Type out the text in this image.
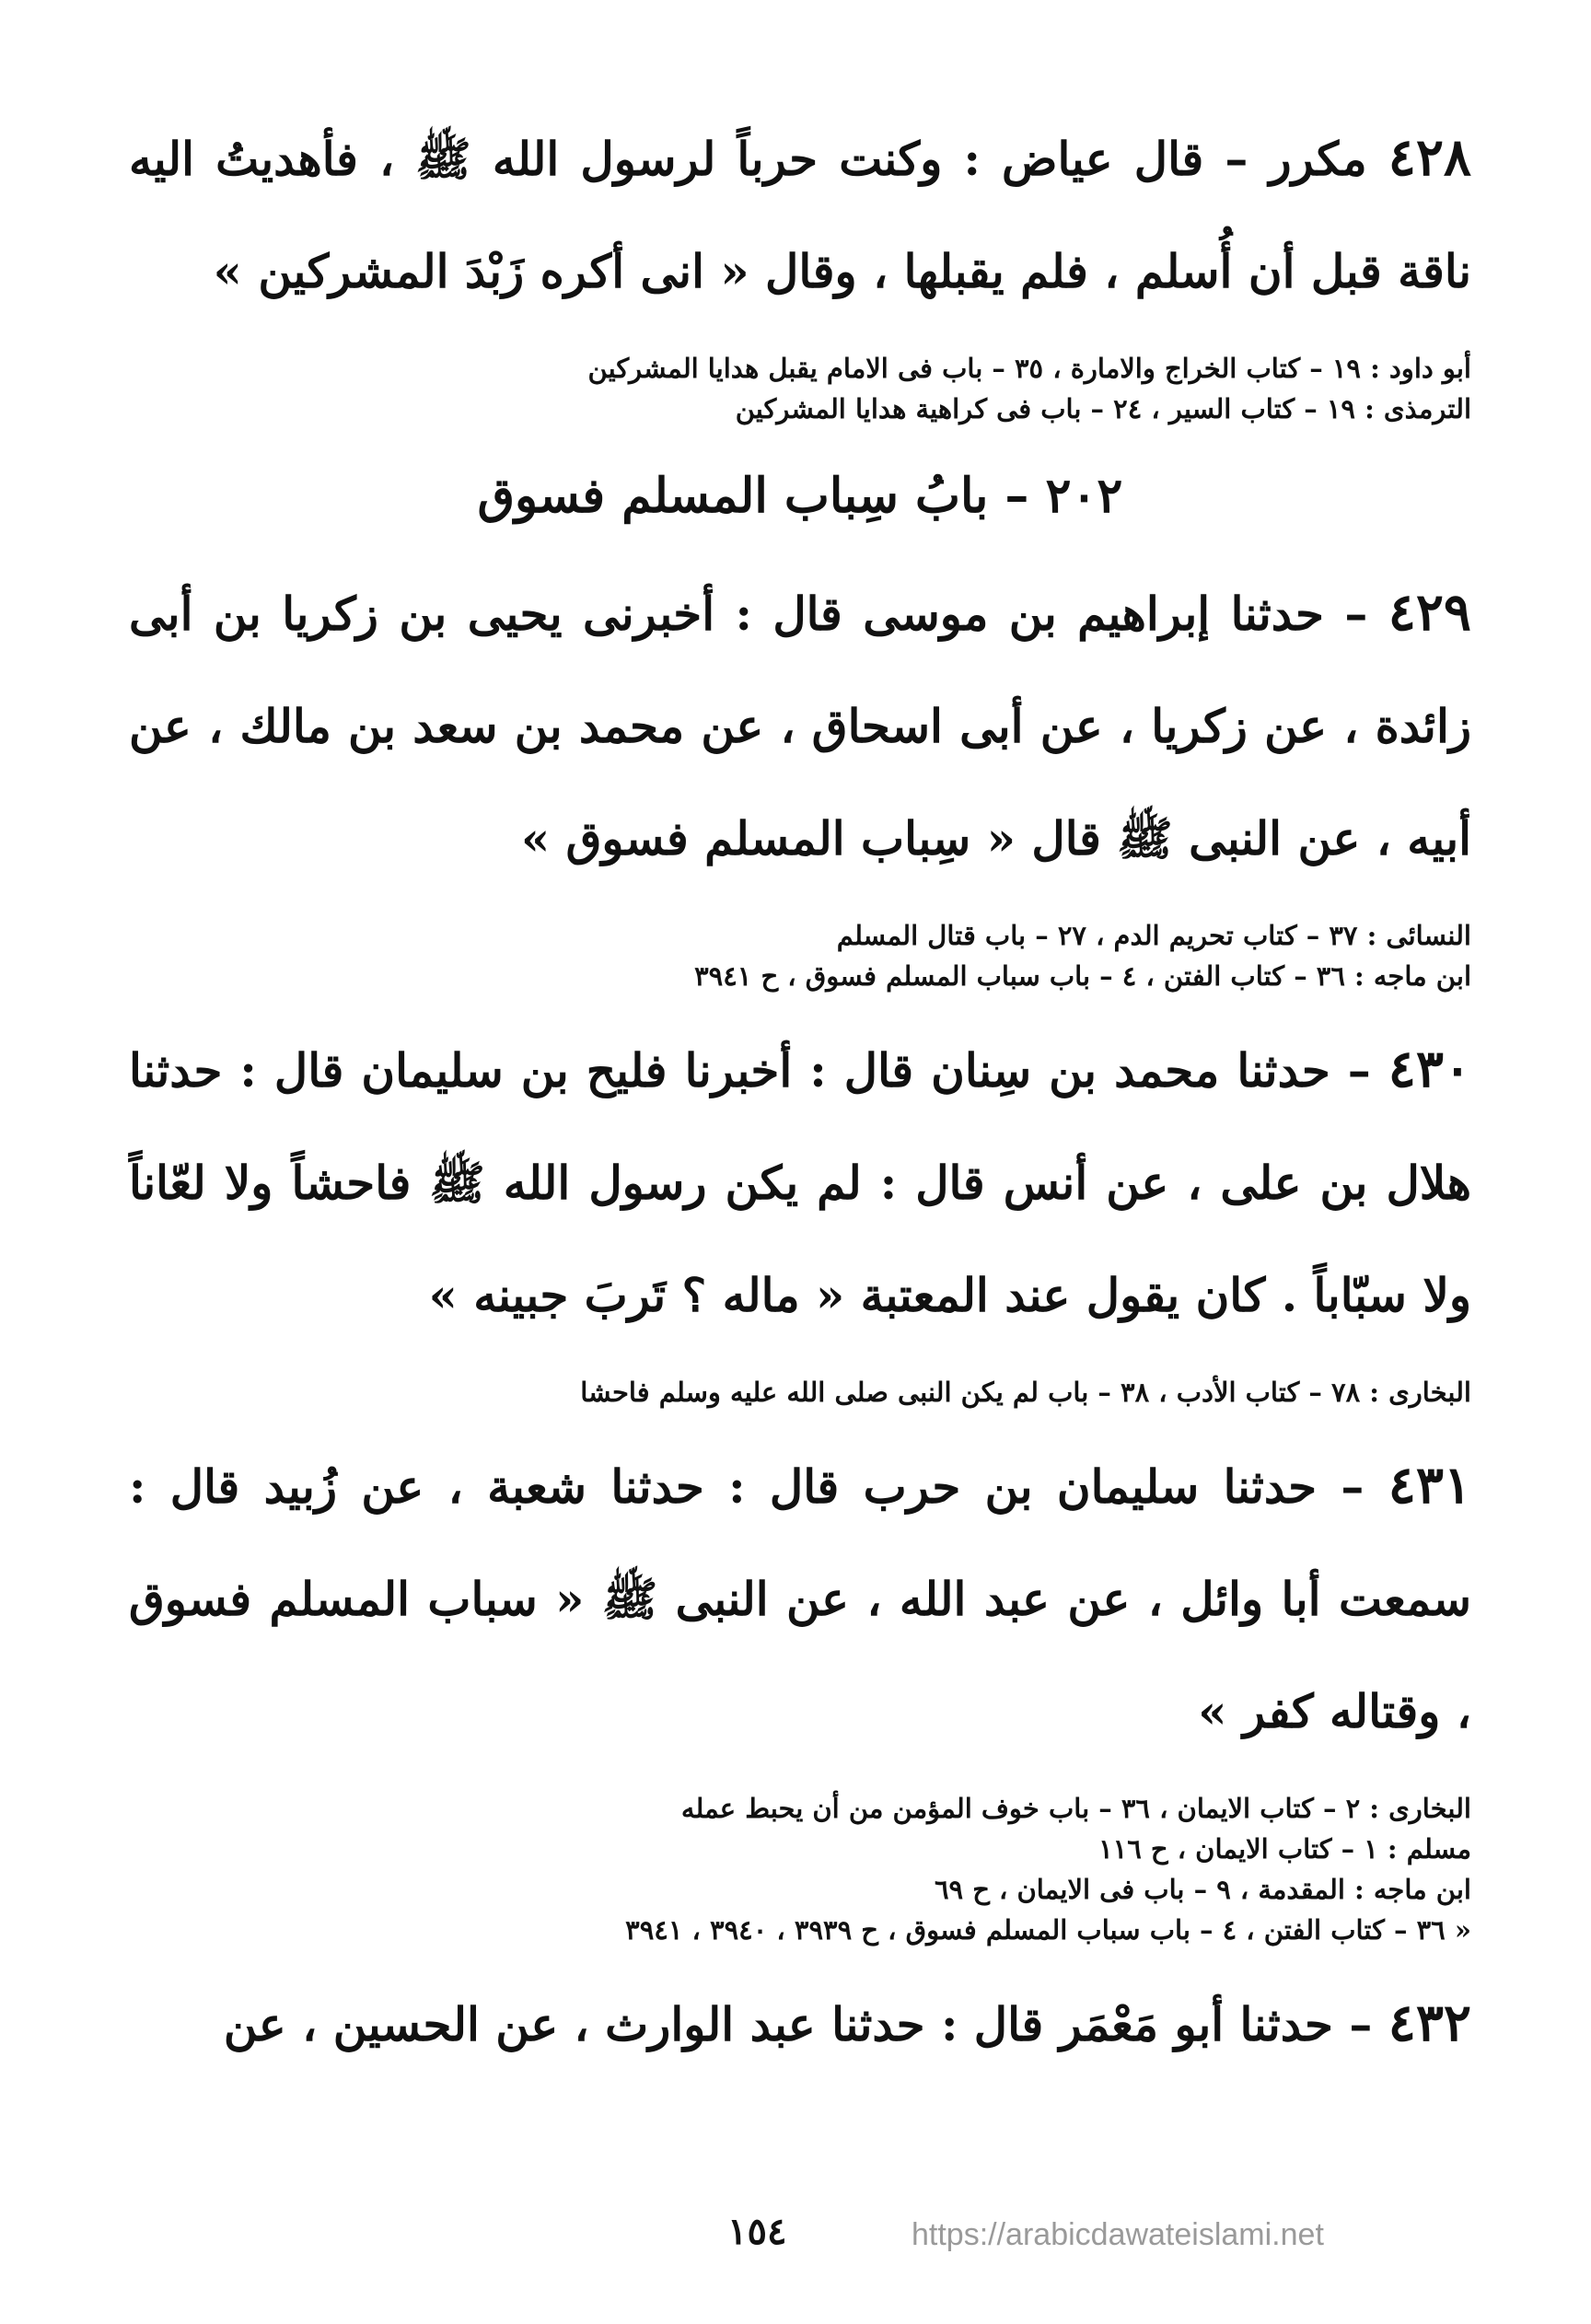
٤٢٨ مكرر – قال عياض : وكنت حرباً لرسول الله ﷺ ، فأهديتُ اليه ناقة قبل أن أُسلم ، فلم يقبلها ، وقال « انى أكره زَبْدَ المشركين »

أبو داود : ١٩ – كتاب الخراج والامارة ، ٣٥ – باب فى الامام يقبل هدايا المشركين

الترمذى : ١٩ – كتاب السير ، ٢٤ – باب فى كراهية هدايا المشركين

٢٠٢ – بابُ سِباب المسلم فسوق

٤٢٩ – حدثنا إبراهيم بن موسى قال : أخبرنى يحيى بن زكريا بن أبى زائدة ، عن زكريا ، عن أبى اسحاق ، عن محمد بن سعد بن مالك ، عن أبيه ، عن النبى ﷺ قال « سِباب المسلم فسوق »

النسائى : ٣٧ – كتاب تحريم الدم ، ٢٧ – باب قتال المسلم

ابن ماجه : ٣٦ – كتاب الفتن ، ٤ – باب سباب المسلم فسوق ، ح ٣٩٤١

٤٣٠ – حدثنا محمد بن سِنان قال : أخبرنا فليح بن سليمان قال : حدثنا هلال بن على ، عن أنس قال : لم يكن رسول الله ﷺ فاحشاً ولا لعّاناً ولا سبّاباً . كان يقول عند المعتبة « ماله ؟ تَربَ جبينه »

البخارى : ٧٨ – كتاب الأدب ، ٣٨ – باب لم يكن النبى صلى الله عليه وسلم فاحشا

٤٣١ – حدثنا سليمان بن حرب قال : حدثنا شعبة ، عن زُبيد قال : سمعت أبا وائل ، عن عبد الله ، عن النبى ﷺ « سباب المسلم فسوق ، وقتاله كفر »

البخارى : ٢ – كتاب الايمان ، ٣٦ – باب خوف المؤمن من أن يحبط عمله

مسلم : ١ – كتاب الايمان ، ح ١١٦

ابن ماجه : المقدمة ، ٩ – باب فى الايمان ، ح ٦٩

« ٣٦ – كتاب الفتن ، ٤ – باب سباب المسلم فسوق ، ح ٣٩٣٩ ، ٣٩٤٠ ، ٣٩٤١

٤٣٢ – حدثنا أبو مَعْمَر قال : حدثنا عبد الوارث ، عن الحسين ، عن

١٥٤	https://arabicdawateislami.net
